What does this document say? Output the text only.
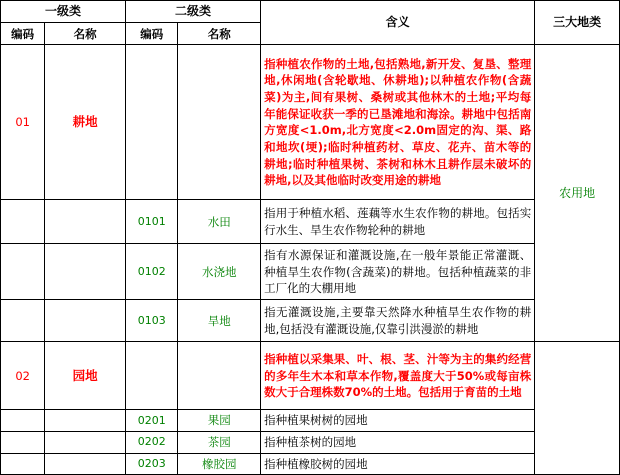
一级类		二级类		含义	三大地类
编码	名称	编码	名称		
01	耕地			指种植农作物的土地,包括熟地,新开发、复垦、整理地,休闲地(含轮歇地、休耕地);以种植农作物(含蔬菜)为主,间有果树、桑树或其他林木的土地;平均每年能保证收获一季的已垦滩地和海涂。耕地中包括南方宽度<1.0m,北方宽度<2.0m固定的沟、渠、路和地坎(埂);临时种植药材、草皮、花卉、苗木等的耕地;临时种植果树、茶树和林木且耕作层未破坏的耕地,以及其他临时改变用途的耕地	农用地
		0101	水田	指用于种植水稻、莲藕等水生农作物的耕地。包括实行水生、旱生农作物轮种的耕地	
		0102	水浇地	指有水源保证和灌溉设施,在一般年景能正常灌溉、种植旱生农作物(含蔬菜)的耕地。包括种植蔬菜的非工厂化的大棚用地	
		0103	旱地	指无灌溉设施,主要靠天然降水种植旱生农作物的耕地,包括没有灌溉设施,仅靠引洪漫淤的耕地	
02	园地			指种植以采集果、叶、根、茎、汁等为主的集约经营的多年生木本和草本作物,覆盖度大于50%或每亩株数大于合理株数70%的土地。包括用于育苗的土地	
		0201	果园	指种植果树树的园地	
		0202	茶园	指种植茶树的园地	
		0203	橡胶园	指种植橡胶树的园地	
